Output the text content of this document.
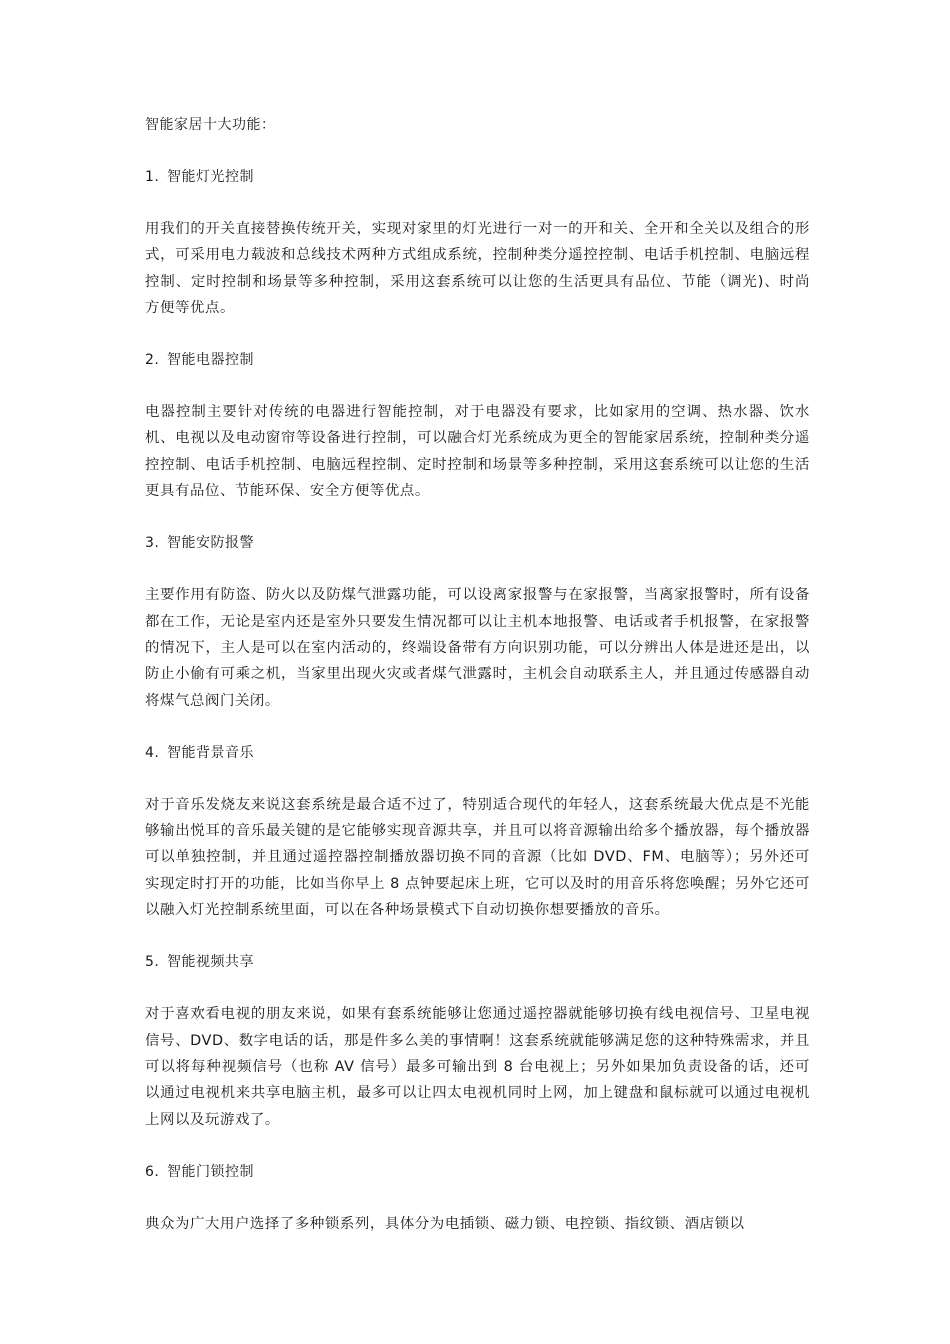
智能家居十大功能：

1. 智能灯光控制

用我们的开关直接替换传统开关，实现对家里的灯光进行一对一的开和关、全开和全关以及组合的形式，可采用电力载波和总线技术两种方式组成系统，控制种类分遥控控制、电话手机控制、电脑远程控制、定时控制和场景等多种控制，采用这套系统可以让您的生活更具有品位、节能（调光)、时尚方便等优点。

2. 智能电器控制

电器控制主要针对传统的电器进行智能控制，对于电器没有要求，比如家用的空调、热水器、饮水机、电视以及电动窗帘等设备进行控制，可以融合灯光系统成为更全的智能家居系统，控制种类分遥控控制、电话手机控制、电脑远程控制、定时控制和场景等多种控制，采用这套系统可以让您的生活更具有品位、节能环保、安全方便等优点。

3. 智能安防报警

主要作用有防盗、防火以及防煤气泄露功能，可以设离家报警与在家报警，当离家报警时，所有设备都在工作，无论是室内还是室外只要发生情况都可以让主机本地报警、电话或者手机报警，在家报警的情况下，主人是可以在室内活动的，终端设备带有方向识别功能，可以分辨出人体是进还是出，以防止小偷有可乘之机，当家里出现火灾或者煤气泄露时，主机会自动联系主人，并且通过传感器自动将煤气总阀门关闭。

4. 智能背景音乐

对于音乐发烧友来说这套系统是最合适不过了，特别适合现代的年轻人，这套系统最大优点是不光能够输出悦耳的音乐最关键的是它能够实现音源共享，并且可以将音源输出给多个播放器，每个播放器可以单独控制，并且通过遥控器控制播放器切换不同的音源（比如 DVD、FM、电脑等）；另外还可实现定时打开的功能，比如当你早上 8 点钟要起床上班，它可以及时的用音乐将您唤醒；另外它还可以融入灯光控制系统里面，可以在各种场景模式下自动切换你想要播放的音乐。

5. 智能视频共享

对于喜欢看电视的朋友来说，如果有套系统能够让您通过遥控器就能够切换有线电视信号、卫星电视信号、DVD、数字电话的话，那是件多么美的事情啊！这套系统就能够满足您的这种特殊需求，并且可以将每种视频信号（也称 AV 信号）最多可输出到 8 台电视上；另外如果加负责设备的话，还可以通过电视机来共享电脑主机，最多可以让四太电视机同时上网，加上键盘和鼠标就可以通过电视机上网以及玩游戏了。

6. 智能门锁控制

典众为广大用户选择了多种锁系列，具体分为电插锁、磁力锁、电控锁、指纹锁、酒店锁以
